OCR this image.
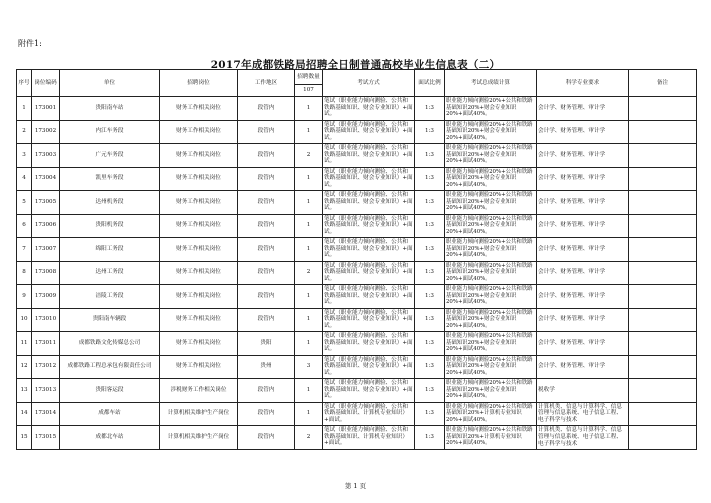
附件1:
2017年成都铁路局招聘全日制普通高校毕业生信息表（二）
序号	岗位编码	单位	招聘岗位	工作地区	招聘数量	考试方式	面试比例	考试总成绩计算	科学专业要求	备注
					107					
1	173001	贵阳南车站	财务工作相关岗位	段管内	1	笔试（职业能力倾向测验、公共和铁路基础知识、财会专业知识）+面试。	1:3	职业能力倾向测验20%+公共和铁路基础知识20%+财会专业知识20%+面试40%。	会计学、财务管理、审计学	
2	173002	内江车务段	财务工作相关岗位	段管内	1	笔试（职业能力倾向测验、公共和铁路基础知识、财会专业知识）+面试。	1:3	职业能力倾向测验20%+公共和铁路基础知识20%+财会专业知识20%+面试40%。	会计学、财务管理、审计学	
3	173003	广元车务段	财务工作相关岗位	段管内	2	笔试（职业能力倾向测验、公共和铁路基础知识、财会专业知识）+面试。	1:3	职业能力倾向测验20%+公共和铁路基础知识20%+财会专业知识20%+面试40%。	会计学、财务管理、审计学	
4	173004	凯里车务段	财务工作相关岗位	段管内	1	笔试（职业能力倾向测验、公共和铁路基础知识、财会专业知识）+面试。	1:3	职业能力倾向测验20%+公共和铁路基础知识20%+财会专业知识20%+面试40%。	会计学、财务管理、审计学	
5	173005	达州机务段	财务工作相关岗位	段管内	1	笔试（职业能力倾向测验、公共和铁路基础知识、财会专业知识）+面试。	1:3	职业能力倾向测验20%+公共和铁路基础知识20%+财会专业知识20%+面试40%。	会计学、财务管理、审计学	
6	173006	贵阳机务段	财务工作相关岗位	段管内	1	笔试（职业能力倾向测验、公共和铁路基础知识、财会专业知识）+面试。	1:3	职业能力倾向测验20%+公共和铁路基础知识20%+财会专业知识20%+面试40%。	会计学、财务管理、审计学	
7	173007	绵阳工务段	财务工作相关岗位	段管内	1	笔试（职业能力倾向测验、公共和铁路基础知识、财会专业知识）+面试。	1:3	职业能力倾向测验20%+公共和铁路基础知识20%+财会专业知识20%+面试40%。	会计学、财务管理、审计学	
8	173008	达州工务段	财务工作相关岗位	段管内	2	笔试（职业能力倾向测验、公共和铁路基础知识、财会专业知识）+面试。	1:3	职业能力倾向测验20%+公共和铁路基础知识20%+财会专业知识20%+面试40%。	会计学、财务管理、审计学	
9	173009	涪陵工务段	财务工作相关岗位	段管内	1	笔试（职业能力倾向测验、公共和铁路基础知识、财会专业知识）+面试。	1:3	职业能力倾向测验20%+公共和铁路基础知识20%+财会专业知识20%+面试40%。	会计学、财务管理、审计学	
10	173010	贵阳南车辆段	财务工作相关岗位	段管内	1	笔试（职业能力倾向测验、公共和铁路基础知识、财会专业知识）+面试。	1:3	职业能力倾向测验20%+公共和铁路基础知识20%+财会专业知识20%+面试40%。	会计学、财务管理、审计学	
11	173011	成都铁路文化传媒总公司	财务工作相关岗位	贵阳	1	笔试（职业能力倾向测验、公共和铁路基础知识、财会专业知识）+面试。	1:3	职业能力倾向测验20%+公共和铁路基础知识20%+财会专业知识20%+面试40%。	会计学、财务管理、审计学	
12	173012	成都铁路工程总承包有限责任公司	财务工作相关岗位	贵州	3	笔试（职业能力倾向测验、公共和铁路基础知识、财会专业知识）+面试。	1:3	职业能力倾向测验20%+公共和铁路基础知识20%+财会专业知识20%+面试40%。	会计学、财务管理、审计学	
13	173013	贵阳客运段	涉税财务工作相关岗位	段管内	1	笔试（职业能力倾向测验、公共和铁路基础知识、财会专业知识）+面试。	1:3	职业能力倾向测验20%+公共和铁路基础知识20%+财会专业知识20%+面试40%。	税收学	
14	173014	成都车站	计算机相关维护生产岗位	段管内	1	笔试（职业能力倾向测验、公共和铁路基础知识、计算机专业知识）+面试。	1:3	职业能力倾向测验20%+公共和铁路基础知识20%+计算机专业知识20%+面试40%。	计算机类、信息与计算科学、信息管理与信息系统、电子信息工程、电子科学与技术	
15	173015	成都北车站	计算机相关维护生产岗位	段管内	2	笔试（职业能力倾向测验、公共和铁路基础知识、计算机专业知识）+面试。	1:3	职业能力倾向测验20%+公共和铁路基础知识20%+计算机专业知识20%+面试40%。	计算机类、信息与计算科学、信息管理与信息系统、电子信息工程、电子科学与技术	
第 1 页
